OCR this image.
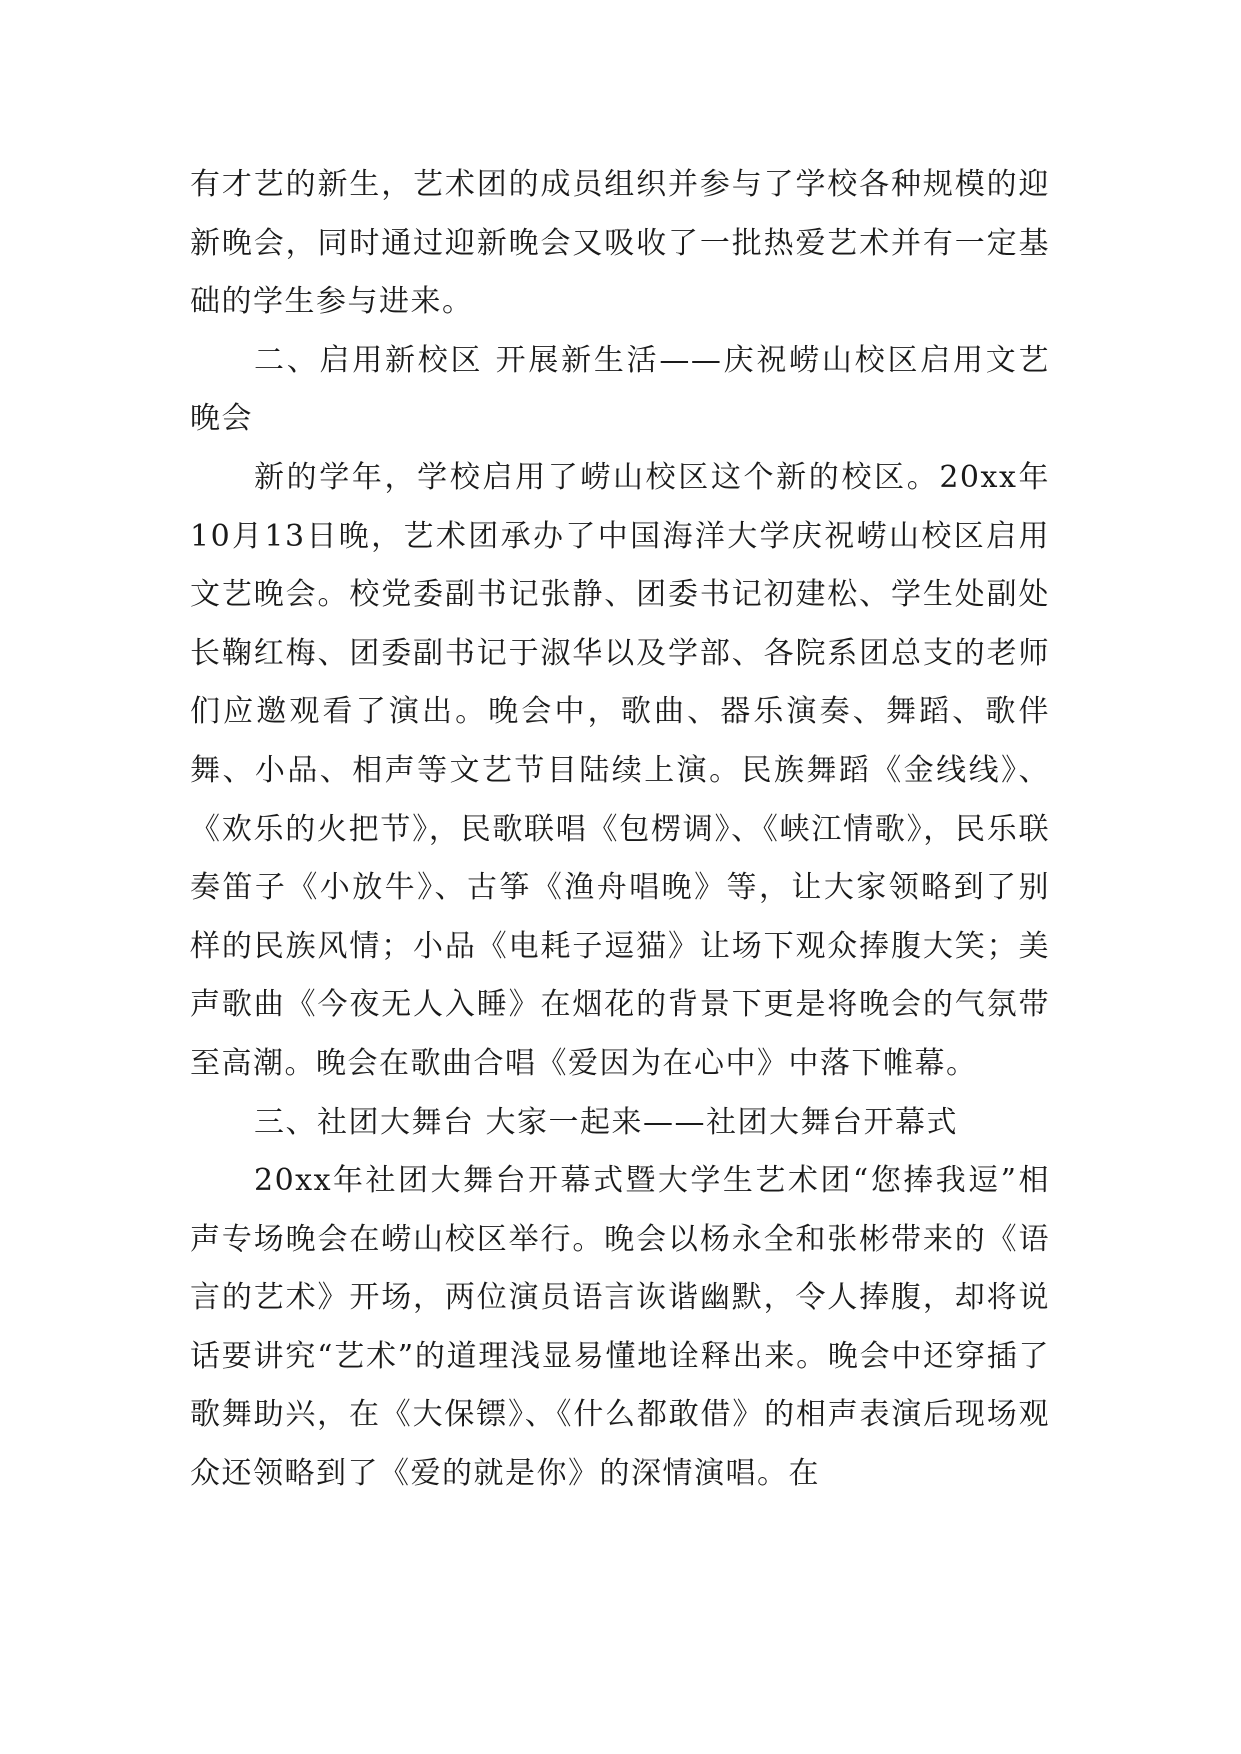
有才艺的新生，艺术团的成员组织并参与了学校各种规模的迎新晚会，同时通过迎新晚会又吸收了一批热爱艺术并有一定基础的学生参与进来。

二、启用新校区 开展新生活——庆祝崂山校区启用文艺晚会

新的学年，学校启用了崂山校区这个新的校区。20xx年10月13日晚，艺术团承办了中国海洋大学庆祝崂山校区启用文艺晚会。校党委副书记张静、团委书记初建松、学生处副处长鞠红梅、团委副书记于淑华以及学部、各院系团总支的老师们应邀观看了演出。晚会中，歌曲、器乐演奏、舞蹈、歌伴舞、小品、相声等文艺节目陆续上演。民族舞蹈《金线线》、《欢乐的火把节》，民歌联唱《包楞调》、《峡江情歌》，民乐联奏笛子《小放牛》、古筝《渔舟唱晚》等，让大家领略到了别样的民族风情；小品《电耗子逗猫》让场下观众捧腹大笑；美声歌曲《今夜无人入睡》在烟花的背景下更是将晚会的气氛带至高潮。晚会在歌曲合唱《爱因为在心中》中落下帷幕。

三、社团大舞台 大家一起来——社团大舞台开幕式

20xx年社团大舞台开幕式暨大学生艺术团“您捧我逗”相声专场晚会在崂山校区举行。晚会以杨永全和张彬带来的《语言的艺术》开场，两位演员语言诙谐幽默，令人捧腹，却将说话要讲究“艺术”的道理浅显易懂地诠释出来。晚会中还穿插了歌舞助兴，在《大保镖》、《什么都敢借》的相声表演后现场观众还领略到了《爱的就是你》的深情演唱。在
